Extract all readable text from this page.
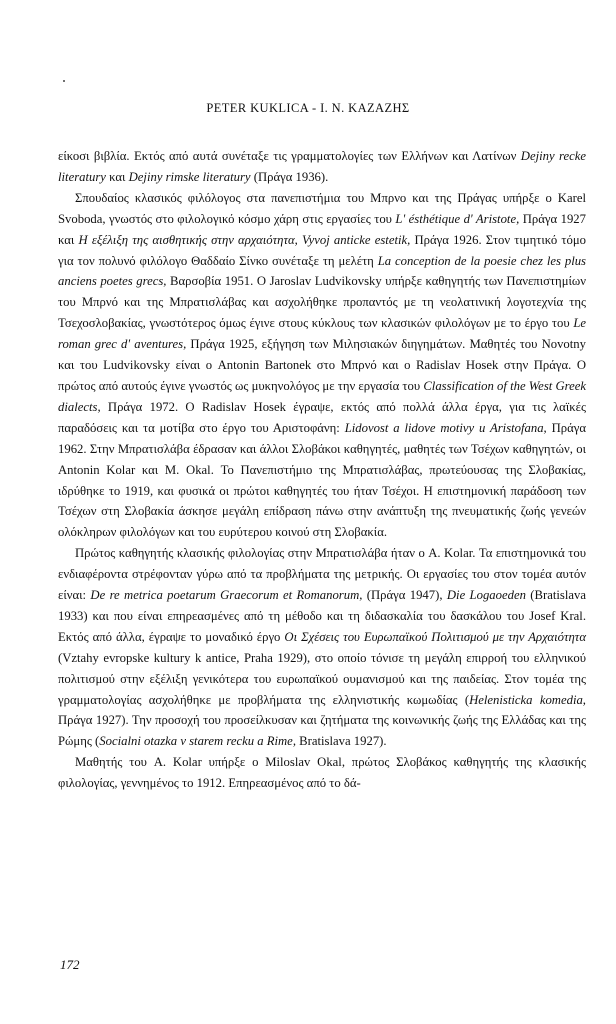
PETER KUKLICA - I. N. ΚΑΖΑΖΗΣ

είκοσι βιβλία. Εκτός από αυτά συνέταξε τις γραμματολογίες των Ελλήνων και Λατίνων Dejiny recke literatury και Dejiny rimske literatury (Πράγα 1936).

Σπουδαίος κλασικός φιλόλογος στα πανεπιστήμια του Μπρνο και της Πράγας υπήρξε ο Karel Svoboda, γνωστός στο φιλολογικό κόσμο χάρη στις εργασίες του L' ésthétique d' Aristote, Πράγα 1927 και Η εξέλιξη της αισθητικής στην αρχαιότητα, Vyvoj anticke estetik, Πράγα 1926. Στον τιμητικό τόμο για τον πολυνό φιλόλογο Θαδδαίο Σίνκο συνέταξε τη μελέτη La conception de la poesie chez les plus anciens poetes grecs, Βαρσοβία 1951. Ο Jaroslav Ludvikovsky υπήρξε καθηγητής των Πανεπιστημίων του Μπρνό και της Μπρατισλάβας και ασχολήθηκε προπαντός με τη νεολατινική λογοτεχνία της Τσεχοσλοβακίας, γνωστότερος όμως έγινε στους κύκλους των κλασικών φιλολόγων με το έργο του Le roman grec d' aventures, Πράγα 1925, εξήγηση των Μιλησιακών διηγημάτων. Μαθητές του Novotny και του Ludvikovsky είναι ο Antonin Bartonek στο Μπρνό και ο Radislav Hosek στην Πράγα. Ο πρώτος από αυτούς έγινε γνωστός ως μυκηνολόγος με την εργασία του Classification of the West Greek dialects, Πράγα 1972. Ο Radislav Hosek έγραψε, εκτός από πολλά άλλα έργα, για τις λαϊκές παραδόσεις και τα μοτίβα στο έργο του Αριστοφάνη: Lidovost a lidove motivy u Aristofana, Πράγα 1962. Στην Μπρατισλάβα έδρασαν και άλλοι Σλοβάκοι καθηγητές, μαθητές των Τσέχων καθηγητών, οι Antonin Kolar και M. Okal. Το Πανεπιστήμιο της Μπρατισλάβας, πρωτεύουσας της Σλοβακίας, ιδρύθηκε το 1919, και φυσικά οι πρώτοι καθηγητές του ήταν Τσέχοι. Η επιστημονική παράδοση των Τσέχων στη Σλοβακία άσκησε μεγάλη επίδραση πάνω στην ανάπτυξη της πνευματικής ζωής γενεών ολόκληρων φιλολόγων και του ευρύτερου κοινού στη Σλοβακία.

Πρώτος καθηγητής κλασικής φιλολογίας στην Μπρατισλάβα ήταν ο A. Kolar. Τα επιστημονικά του ενδιαφέροντα στρέφονταν γύρω από τα προβλήματα της μετρικής. Οι εργασίες του στον τομέα αυτόν είναι: De re metrica poetarum Graecorum et Romanorum, (Πράγα 1947), Die Logaoeden (Bratislava 1933) και που είναι επηρεασμένες από τη μέθοδο και τη διδασκαλία του δασκάλου του Josef Kral. Εκτός από άλλα, έγραψε το μοναδικό έργο Οι Σχέσεις του Ευρωπαϊκού Πολιτισμού με την Αρχαιότητα (Vztahy evropske kultury k antice, Praha 1929), στο οποίο τόνισε τη μεγάλη επιρροή του ελληνικού πολιτισμού στην εξέλιξη γενικότερα του ευρωπαϊκού ουμανισμού και της παιδείας. Στον τομέα της γραμματολογίας ασχολήθηκε με προβλήματα της ελληνιστικής κωμωδίας (Helenisticka komedia, Πράγα 1927). Την προσοχή του προσείλκυσαν και ζητήματα της κοινωνικής ζωής της Ελλάδας και της Ρώμης (Socialni otazka v starem recku a Rime, Bratislava 1927).

Μαθητής του A. Kolar υπήρξε ο Miloslav Okal, πρώτος Σλοβάκος καθηγητής της κλασικής φιλολογίας, γεννημένος το 1912. Επηρεασμένος από το δά-

172
